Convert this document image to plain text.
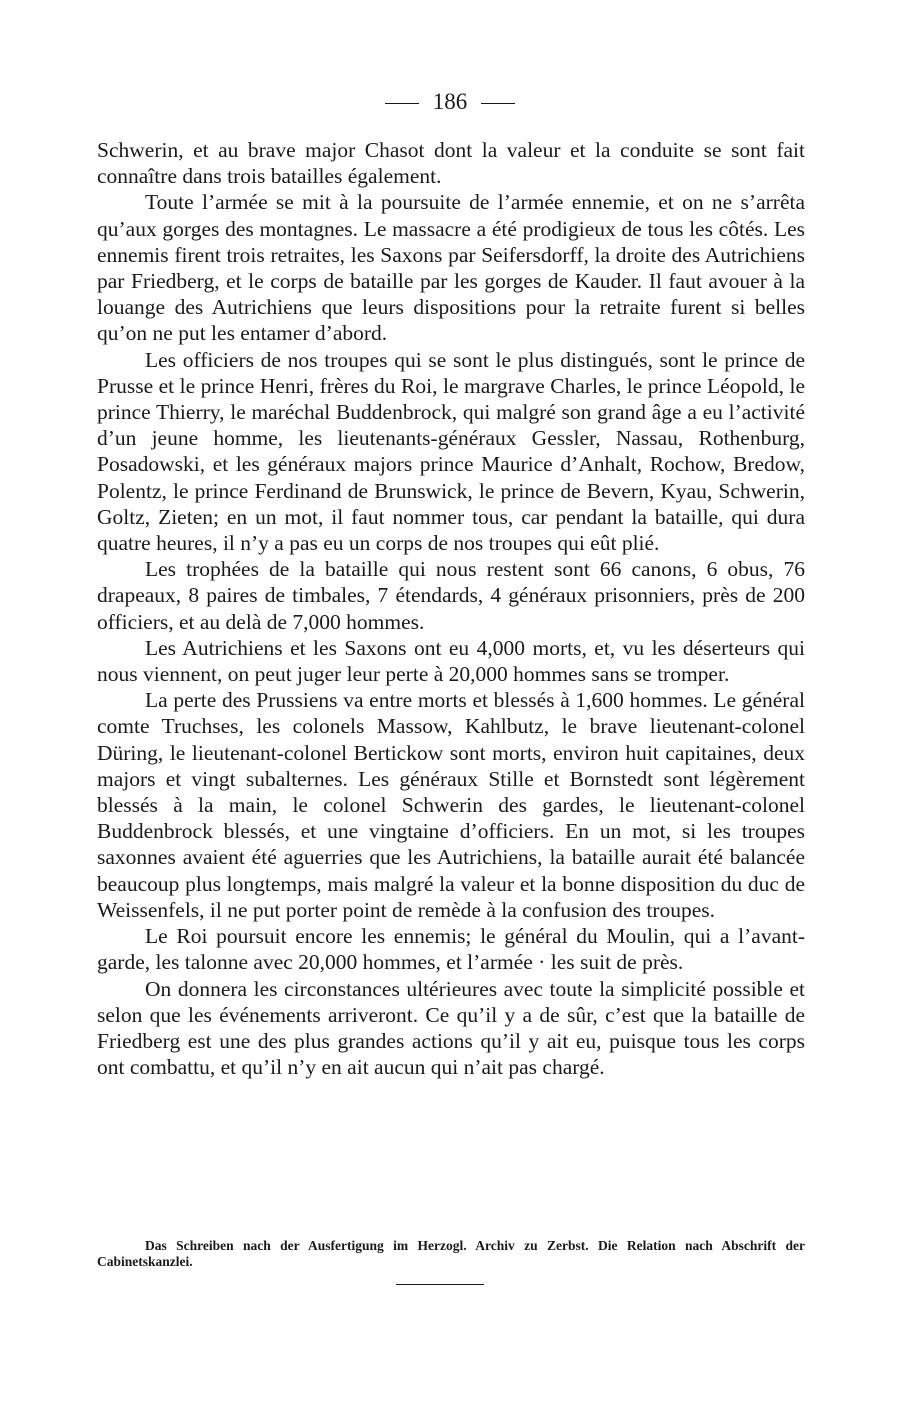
186

Schwerin, et au brave major Chasot dont la valeur et la conduite se sont fait connaître dans trois batailles également.

Toute l’armée se mit à la poursuite de l’armée ennemie, et on ne s’arrêta qu’aux gorges des montagnes. Le massacre a été prodigieux de tous les côtés. Les ennemis firent trois retraites, les Saxons par Seifersdorff, la droite des Autrichiens par Friedberg, et le corps de bataille par les gorges de Kauder. Il faut avouer à la louange des Autrichiens que leurs dispositions pour la retraite furent si belles qu’on ne put les entamer d’abord.

Les officiers de nos troupes qui se sont le plus distingués, sont le prince de Prusse et le prince Henri, frères du Roi, le margrave Charles, le prince Léopold, le prince Thierry, le maréchal Buddenbrock, qui malgré son grand âge a eu l’activité d’un jeune homme, les lieutenants-généraux Gessler, Nassau, Rothenburg, Posadowski, et les généraux majors prince Maurice d’Anhalt, Rochow, Bredow, Polentz, le prince Ferdinand de Brunswick, le prince de Bevern, Kyau, Schwerin, Goltz, Zieten; en un mot, il faut nommer tous, car pendant la bataille, qui dura quatre heures, il n’y a pas eu un corps de nos troupes qui eût plié.

Les trophées de la bataille qui nous restent sont 66 canons, 6 obus, 76 drapeaux, 8 paires de timbales, 7 étendards, 4 généraux prisonniers, près de 200 officiers, et au delà de 7,000 hommes.

Les Autrichiens et les Saxons ont eu 4,000 morts, et, vu les déserteurs qui nous viennent, on peut juger leur perte à 20,000 hommes sans se tromper.

La perte des Prussiens va entre morts et blessés à 1,600 hommes. Le général comte Truchses, les colonels Massow, Kahlbutz, le brave lieutenant-colonel Düring, le lieutenant-colonel Bertickow sont morts, environ huit capitaines, deux majors et vingt subalternes. Les généraux Stille et Bornstedt sont légèrement blessés à la main, le colonel Schwerin des gardes, le lieutenant-colonel Buddenbrock blessés, et une vingtaine d’officiers. En un mot, si les troupes saxonnes avaient été aguerries que les Autrichiens, la bataille aurait été balancée beaucoup plus longtemps, mais malgré la valeur et la bonne disposition du duc de Weissenfels, il ne put porter point de remède à la confusion des troupes.

Le Roi poursuit encore les ennemis; le général du Moulin, qui a l’avant-garde, les talonne avec 20,000 hommes, et l’armée · les suit de près.

On donnera les circonstances ultérieures avec toute la simplicité possible et selon que les événements arriveront. Ce qu’il y a de sûr, c’est que la bataille de Friedberg est une des plus grandes actions qu’il y ait eu, puisque tous les corps ont combattu, et qu’il n’y en ait aucun qui n’ait pas chargé.

Das Schreiben nach der Ausfertigung im Herzogl. Archiv zu Zerbst. Die Relation nach Abschrift der Cabinetskanzlei.
